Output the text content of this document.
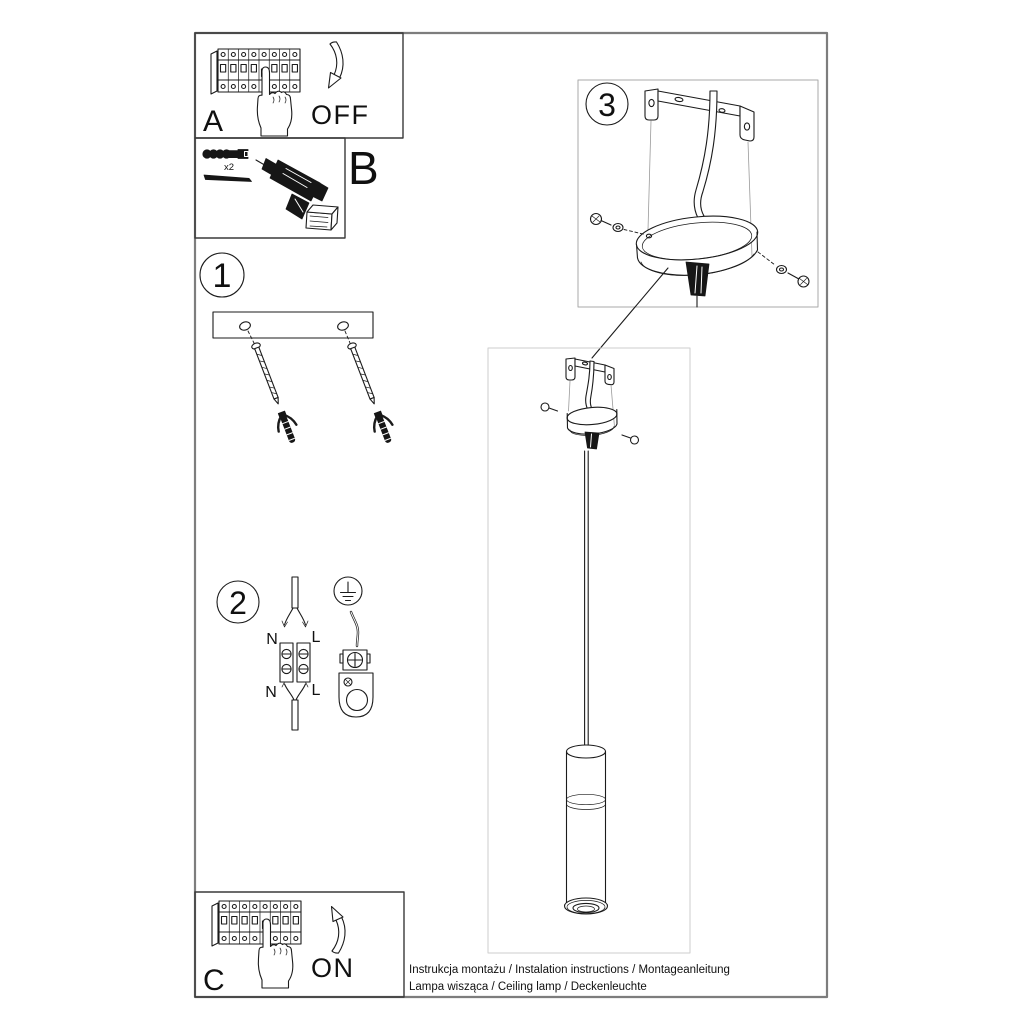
A	OFF
x2 B
1
2
N L
N L
C	ON
3
Instrukcja montażu / Instalation instructions / Montageanleitung
Lampa wisząca / Ceiling lamp / Deckenleuchte
